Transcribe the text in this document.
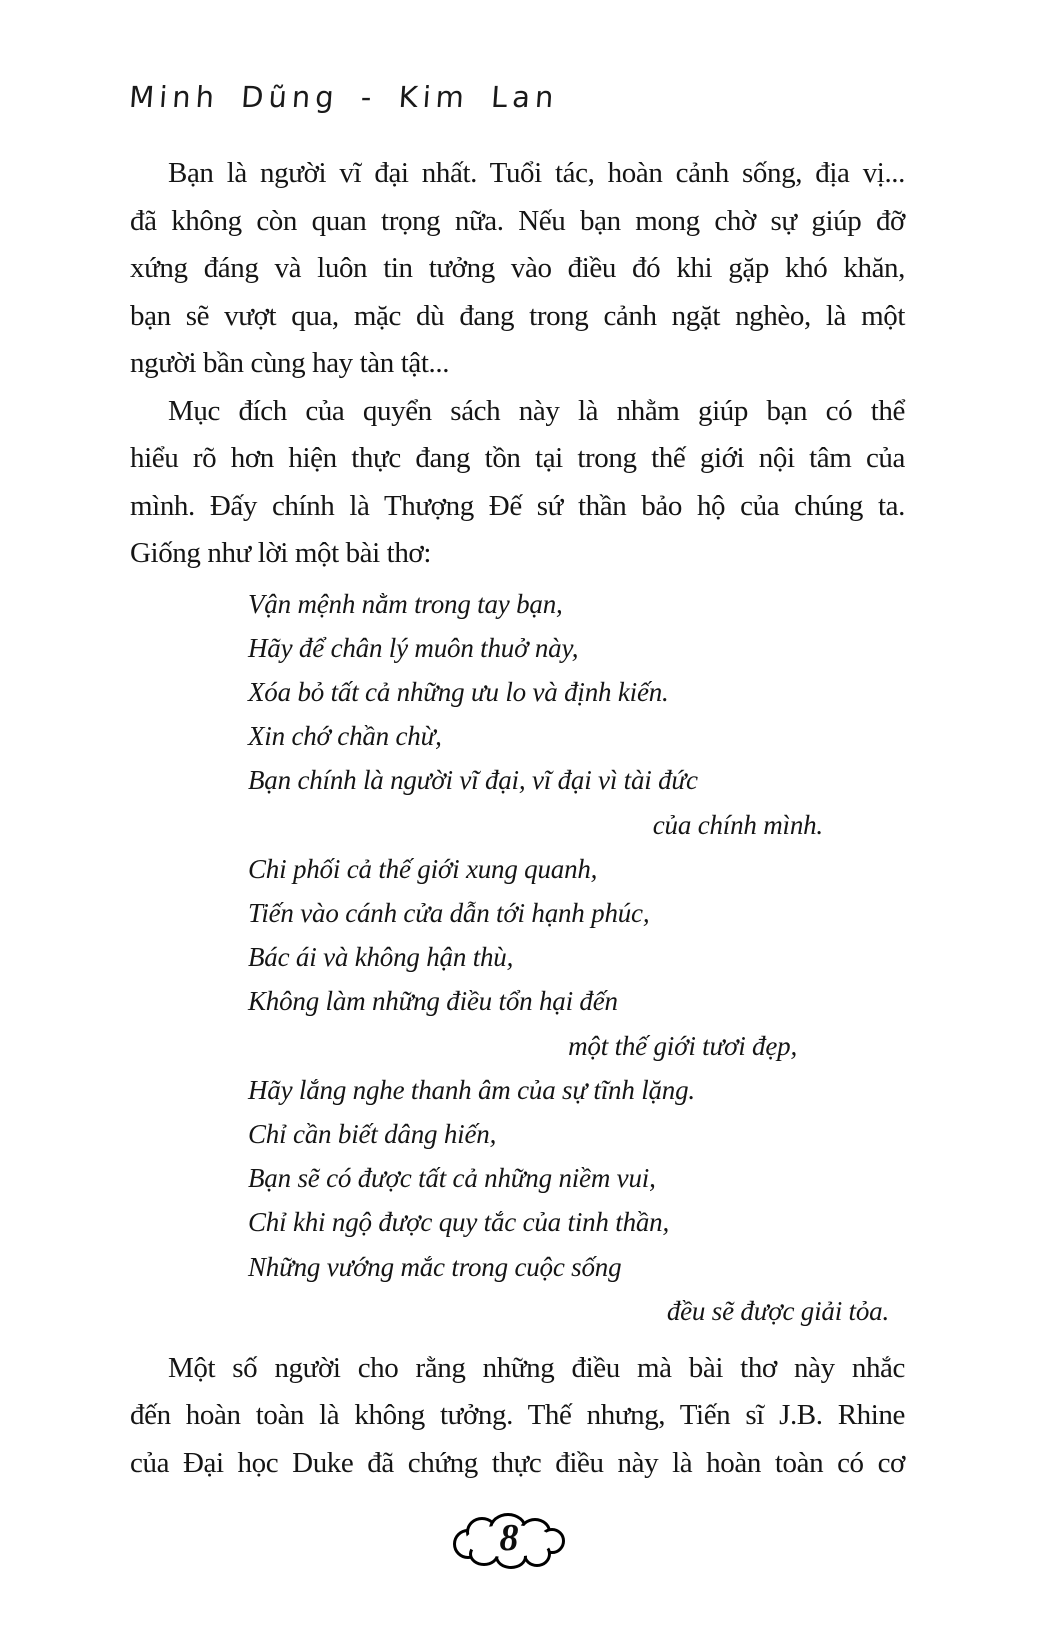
Minh Dũng - Kim Lan
Bạn là người vĩ đại nhất. Tuổi tác, hoàn cảnh sống, địa vị...
đã không còn quan trọng nữa. Nếu bạn mong chờ sự giúp đỡ
xứng đáng và luôn tin tưởng vào điều đó khi gặp khó khăn,
bạn sẽ vượt qua, mặc dù đang trong cảnh ngặt nghèo, là một
người bần cùng hay tàn tật...
Mục đích của quyển sách này là nhằm giúp bạn có thể
hiểu rõ hơn hiện thực đang tồn tại trong thế giới nội tâm của
mình. Đấy chính là Thượng Đế sứ thần bảo hộ của chúng ta.
Giống như lời một bài thơ:
Vận mệnh nằm trong tay bạn,
Hãy để chân lý muôn thuở này,
Xóa bỏ tất cả những ưu lo và định kiến.
Xin chớ chần chừ,
Bạn chính là người vĩ đại, vĩ đại vì tài đức
của chính mình.
Chi phối cả thế giới xung quanh,
Tiến vào cánh cửa dẫn tới hạnh phúc,
Bác ái và không hận thù,
Không làm những điều tổn hại đến
một thế giới tươi đẹp,
Hãy lắng nghe thanh âm của sự tĩnh lặng.
Chỉ cần biết dâng hiến,
Bạn sẽ có được tất cả những niềm vui,
Chỉ khi ngộ được quy tắc của tinh thần,
Những vướng mắc trong cuộc sống
đều sẽ được giải tỏa.
Một số người cho rằng những điều mà bài thơ này nhắc
đến hoàn toàn là không tưởng. Thế nhưng, Tiến sĩ J.B. Rhine
của Đại học Duke đã chứng thực điều này là hoàn toàn có cơ
8
